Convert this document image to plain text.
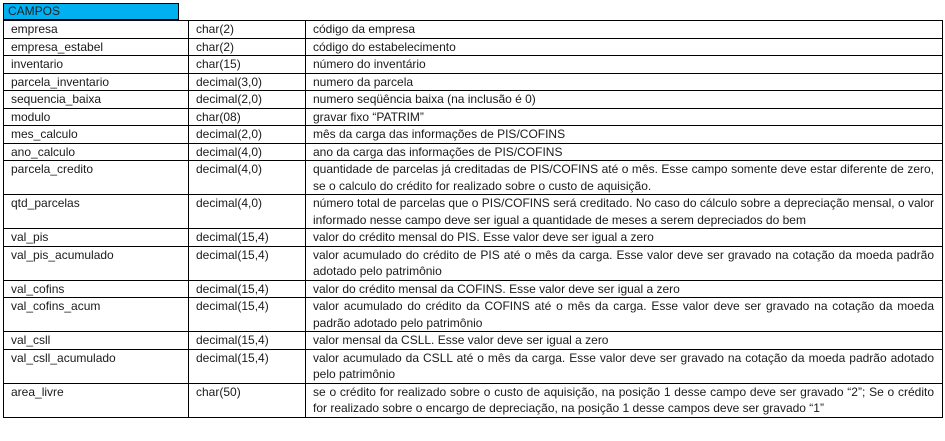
CAMPOS
empresa	char(2)	código da empresa
empresa_estabel	char(2)	código do estabelecimento
inventario	char(15)	número do inventário
parcela_inventario	decimal(3,0)	numero da parcela
sequencia_baixa	decimal(2,0)	numero seqüência baixa (na inclusão é 0)
modulo	char(08)	gravar fixo “PATRIM”
mes_calculo	decimal(2,0)	mês da carga das informações de PIS/COFINS
ano_calculo	decimal(4,0)	ano da carga das informações de PIS/COFINS
parcela_credito	decimal(4,0)	quantidade de parcelas já creditadas de PIS/COFINS até o mês. Esse campo somente deve estar diferente de zero, se o calculo do crédito for realizado sobre o custo de aquisição.
qtd_parcelas	decimal(4,0)	número total de parcelas que o PIS/COFINS será creditado. No caso do cálculo sobre a depreciação mensal, o valor informado nesse campo deve ser igual a quantidade de meses a serem depreciados do bem
val_pis	decimal(15,4)	valor do crédito mensal do PIS. Esse valor deve ser igual a zero
val_pis_acumulado	decimal(15,4)	valor acumulado do crédito de PIS até o mês da carga. Esse valor deve ser gravado na cotação da moeda padrão adotado pelo patrimônio
val_cofins	decimal(15,4)	valor do crédito mensal da COFINS. Esse valor deve ser igual a zero
val_cofins_acum	decimal(15,4)	valor acumulado do crédito da COFINS até o mês da carga. Esse valor deve ser gravado na cotação da moeda padrão adotado pelo patrimônio
val_csll	decimal(15,4)	valor mensal da CSLL. Esse valor deve ser igual a zero
val_csll_acumulado	decimal(15,4)	valor acumulado da CSLL até o mês da carga. Esse valor deve ser gravado na cotação da moeda padrão adotado pelo patrimônio
area_livre	char(50)	se o crédito for realizado sobre o custo de aquisição, na posição 1 desse campo deve ser gravado “2”; Se o crédito for realizado sobre o encargo de depreciação, na posição 1 desse campos deve ser gravado “1”
